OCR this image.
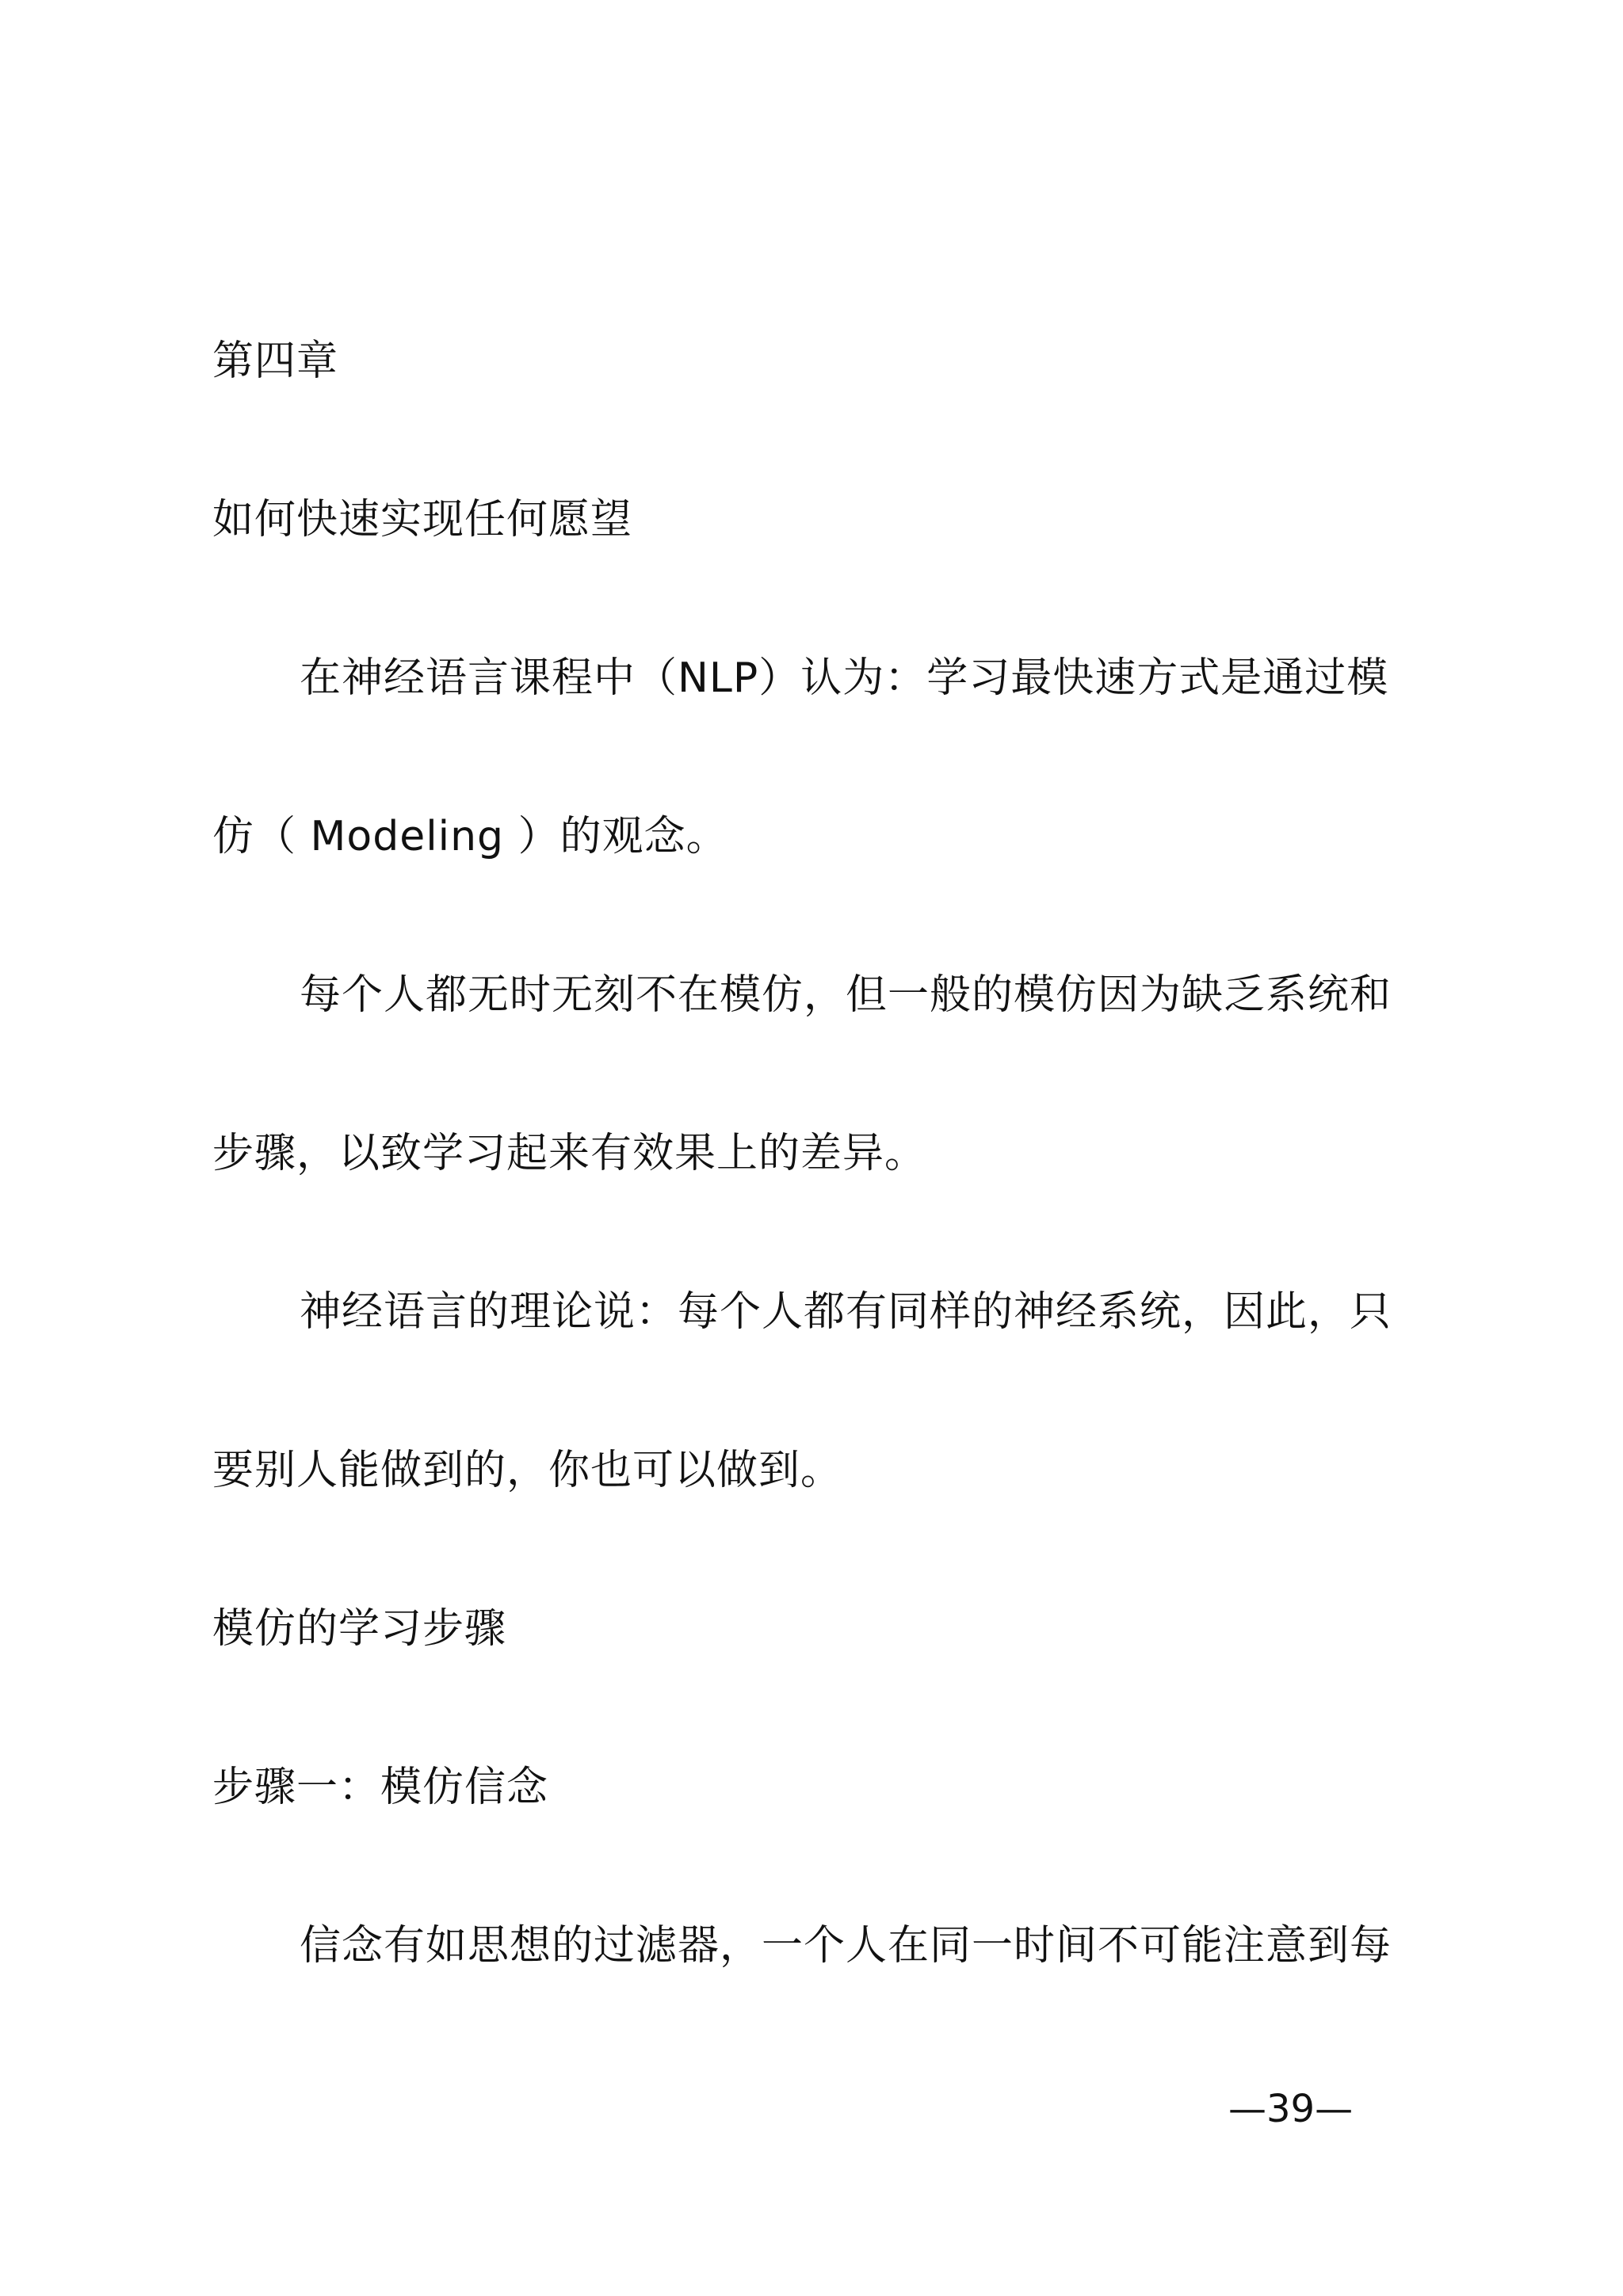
第四章
如何快速实现任何愿望
在神经语言课程中（NLP）认为：学习最快速方式是通过模
仿（ Modeling ）的观念。
每个人都无时无刻不在模仿，但一般的模仿因为缺乏系统和
步骤，以致学习起来有效果上的差异。
神经语言的理论说：每个人都有同样的神经系统，因此，只
要别人能做到的，你也可以做到。
模仿的学习步骤
步骤一：模仿信念
信念有如思想的过滤器，一个人在同一时间不可能注意到每
—39—
